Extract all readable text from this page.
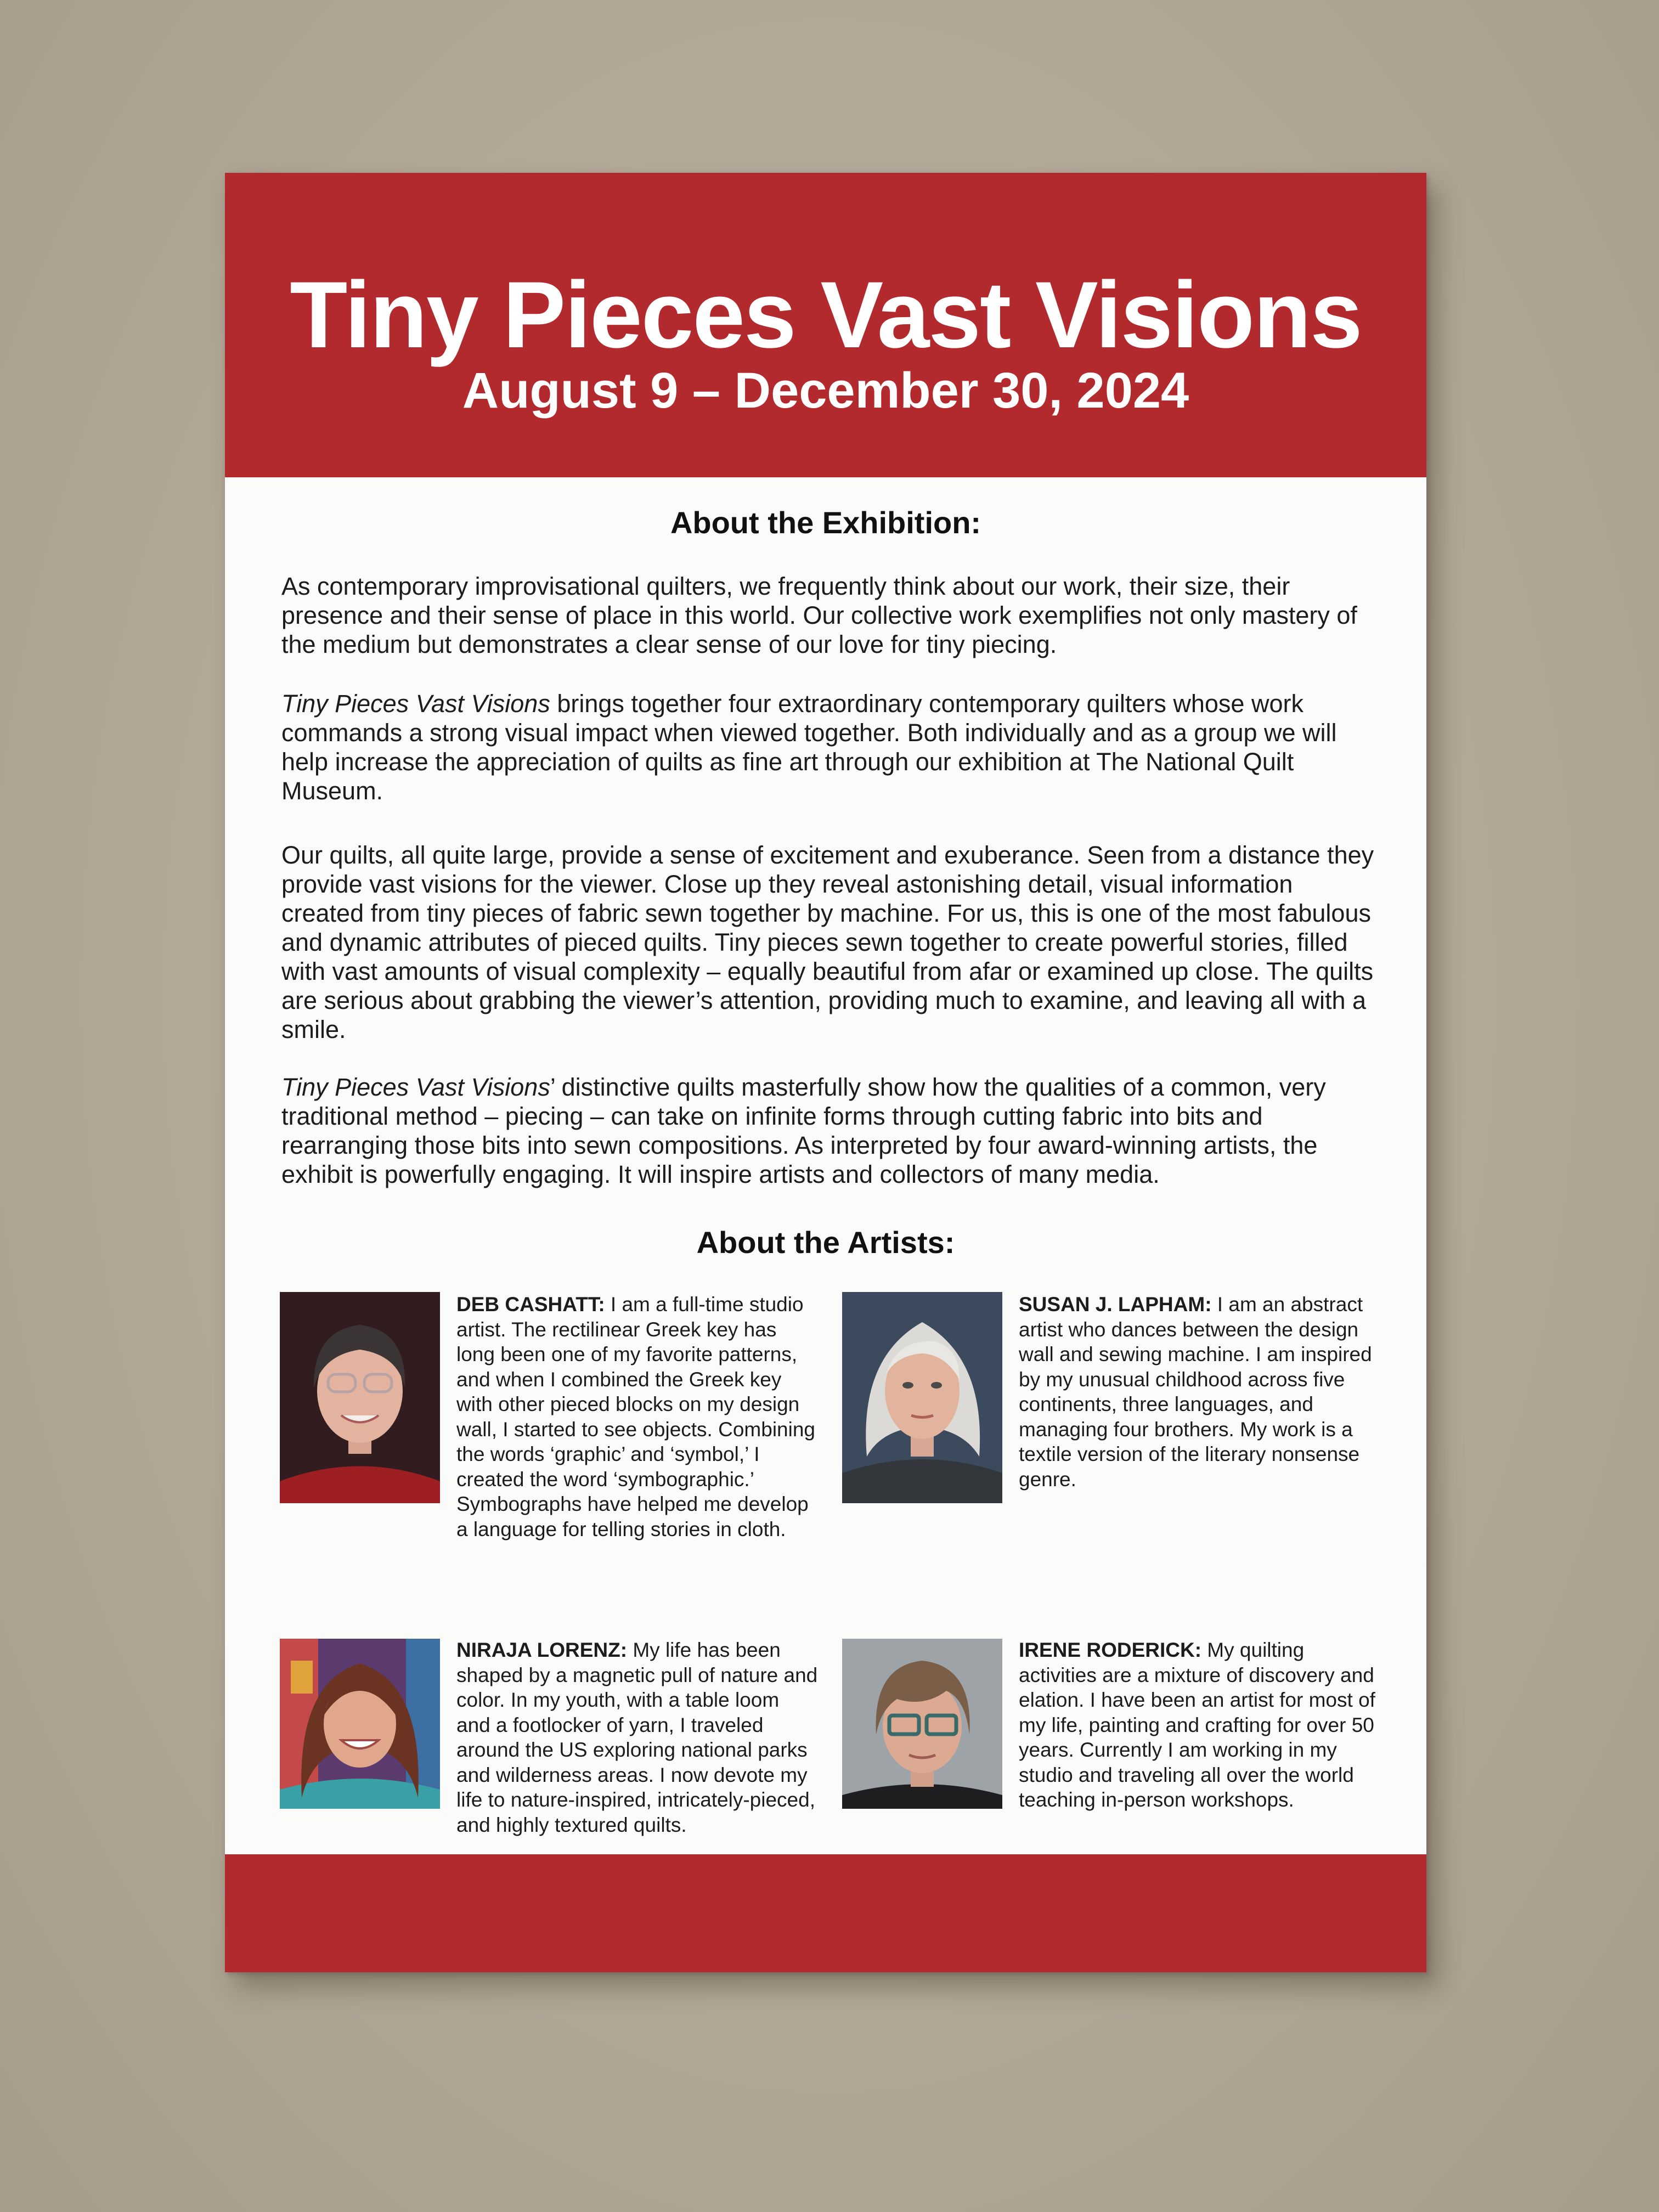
Tiny Pieces Vast Visions
August 9 – December 30, 2024
About the Exhibition:

As contemporary improvisational quilters, we frequently think about our work, their size, their presence and their sense of place in this world. Our collective work exemplifies not only mastery of the medium but demonstrates a clear sense of our love for tiny piecing.

Tiny Pieces Vast Visions brings together four extraordinary contemporary quilters whose work commands a strong visual impact when viewed together. Both individually and as a group we will help increase the appreciation of quilts as fine art through our exhibition at The National Quilt Museum.

Our quilts, all quite large, provide a sense of excitement and exuberance. Seen from a distance they provide vast visions for the viewer. Close up they reveal astonishing detail, visual information created from tiny pieces of fabric sewn together by machine. For us, this is one of the most fabulous and dynamic attributes of pieced quilts. Tiny pieces sewn together to create powerful stories, filled with vast amounts of visual complexity – equally beautiful from afar or examined up close. The quilts are serious about grabbing the viewer’s attention, providing much to examine, and leaving all with a smile.

Tiny Pieces Vast Visions’ distinctive quilts masterfully show how the qualities of a common, very traditional method – piecing – can take on infinite forms through cutting fabric into bits and rearranging those bits into sewn compositions. As interpreted by four award-winning artists, the exhibit is powerfully engaging. It will inspire artists and collectors of many media.

About the Artists:

DEB CASHATT: I am a full-time studio artist. The rectilinear Greek key has long been one of my favorite patterns, and when I combined the Greek key with other pieced blocks on my design wall, I started to see objects. Combining the words ‘graphic’ and ‘symbol,’ I created the word ‘symbographic.’ Symbographs have helped me develop a language for telling stories in cloth.

SUSAN J. LAPHAM: I am an abstract artist who dances between the design wall and sewing machine. I am inspired by my unusual childhood across five continents, three languages, and managing four brothers. My work is a textile version of the literary nonsense genre.

NIRAJA LORENZ: My life has been shaped by a magnetic pull of nature and color. In my youth, with a table loom and a footlocker of yarn, I traveled around the US exploring national parks and wilderness areas. I now devote my life to nature-inspired, intricately-pieced, and highly textured quilts.

IRENE RODERICK: My quilting activities are a mixture of discovery and elation. I have been an artist for most of my life, painting and crafting for over 50 years. Currently I am working in my studio and traveling all over the world teaching in-person workshops.
